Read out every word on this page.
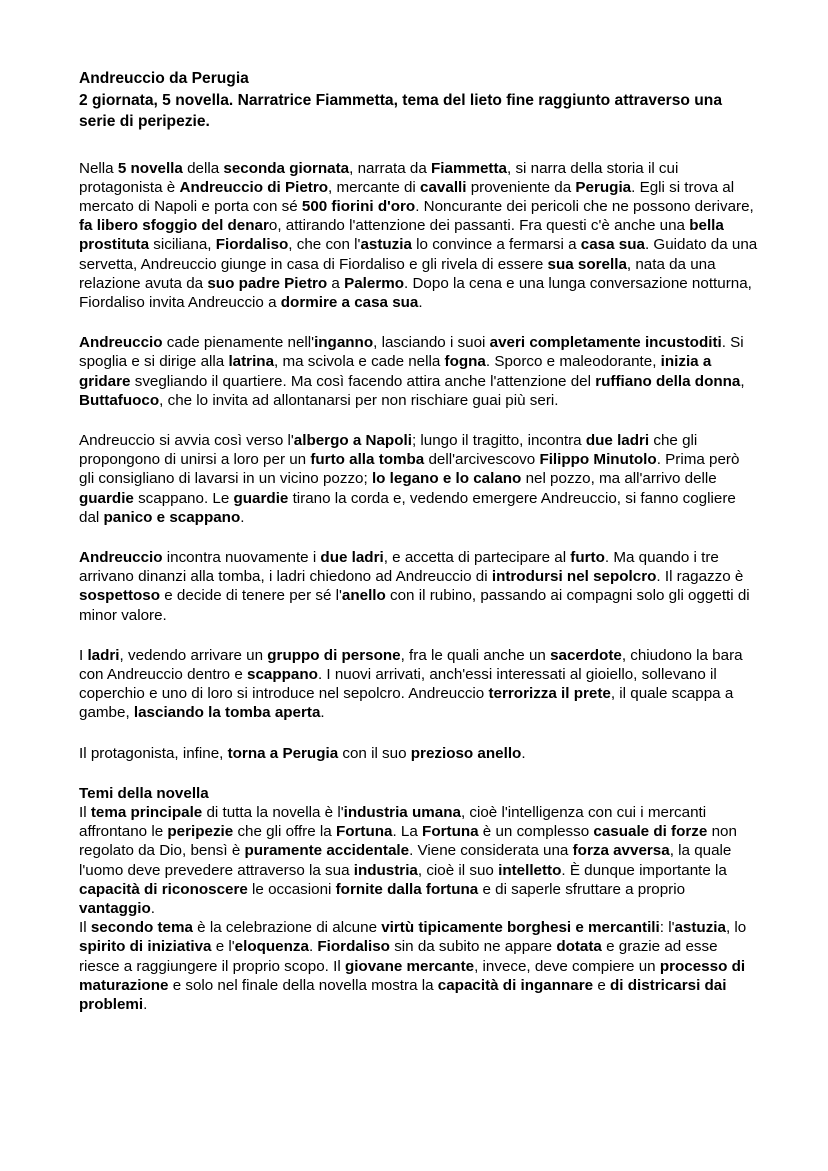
Andreuccio da Perugia
2 giornata, 5 novella. Narratrice Fiammetta, tema del lieto fine raggiunto attraverso una serie di peripezie.

Nella 5 novella della seconda giornata, narrata da Fiammetta, si narra della storia il cui protagonista è Andreuccio di Pietro, mercante di cavalli proveniente da Perugia. Egli si trova al mercato di Napoli e porta con sé 500 fiorini d'oro. Noncurante dei pericoli che ne possono derivare, fa libero sfoggio del denaro, attirando l'attenzione dei passanti. Fra questi c'è anche una bella prostituta siciliana, Fiordaliso, che con l'astuzia lo convince a fermarsi a casa sua. Guidato da una servetta, Andreuccio giunge in casa di Fiordaliso e gli rivela di essere sua sorella, nata da una relazione avuta da suo padre Pietro a Palermo. Dopo la cena e una lunga conversazione notturna, Fiordaliso invita Andreuccio a dormire a casa sua.

Andreuccio cade pienamente nell'inganno, lasciando i suoi averi completamente incustoditi. Si spoglia e si dirige alla latrina, ma scivola e cade nella fogna. Sporco e maleodorante, inizia a gridare svegliando il quartiere. Ma così facendo attira anche l'attenzione del ruffiano della donna, Buttafuoco, che lo invita ad allontanarsi per non rischiare guai più seri.

Andreuccio si avvia così verso l'albergo a Napoli; lungo il tragitto, incontra due ladri che gli propongono di unirsi a loro per un furto alla tomba dell'arcivescovo Filippo Minutolo. Prima però gli consigliano di lavarsi in un vicino pozzo; lo legano e lo calano nel pozzo, ma all'arrivo delle guardie scappano. Le guardie tirano la corda e, vedendo emergere Andreuccio, si fanno cogliere dal panico e scappano.

Andreuccio incontra nuovamente i due ladri, e accetta di partecipare al furto. Ma quando i tre arrivano dinanzi alla tomba, i ladri chiedono ad Andreuccio di introdursi nel sepolcro. Il ragazzo è sospettoso e decide di tenere per sé l'anello con il rubino, passando ai compagni solo gli oggetti di minor valore.

I ladri, vedendo arrivare un gruppo di persone, fra le quali anche un sacerdote, chiudono la bara con Andreuccio dentro e scappano. I nuovi arrivati, anch'essi interessati al gioiello, sollevano il coperchio e uno di loro si introduce nel sepolcro. Andreuccio terrorizza il prete, il quale scappa a gambe, lasciando la tomba aperta.

Il protagonista, infine, torna a Perugia con il suo prezioso anello.

Temi della novella

Il tema principale di tutta la novella è l'industria umana, cioè l'intelligenza con cui i mercanti affrontano le peripezie che gli offre la Fortuna. La Fortuna è un complesso casuale di forze non regolato da Dio, bensì è puramente accidentale. Viene considerata una forza avversa, la quale l'uomo deve prevedere attraverso la sua industria, cioè il suo intelletto. È dunque importante la capacità di riconoscere le occasioni fornite dalla fortuna e di saperle sfruttare a proprio vantaggio.

Il secondo tema è la celebrazione di alcune virtù tipicamente borghesi e mercantili: l'astuzia, lo spirito di iniziativa e l'eloquenza. Fiordaliso sin da subito ne appare dotata e grazie ad esse riesce a raggiungere il proprio scopo. Il giovane mercante, invece, deve compiere un processo di maturazione e solo nel finale della novella mostra la capacità di ingannare e di districarsi dai problemi.
